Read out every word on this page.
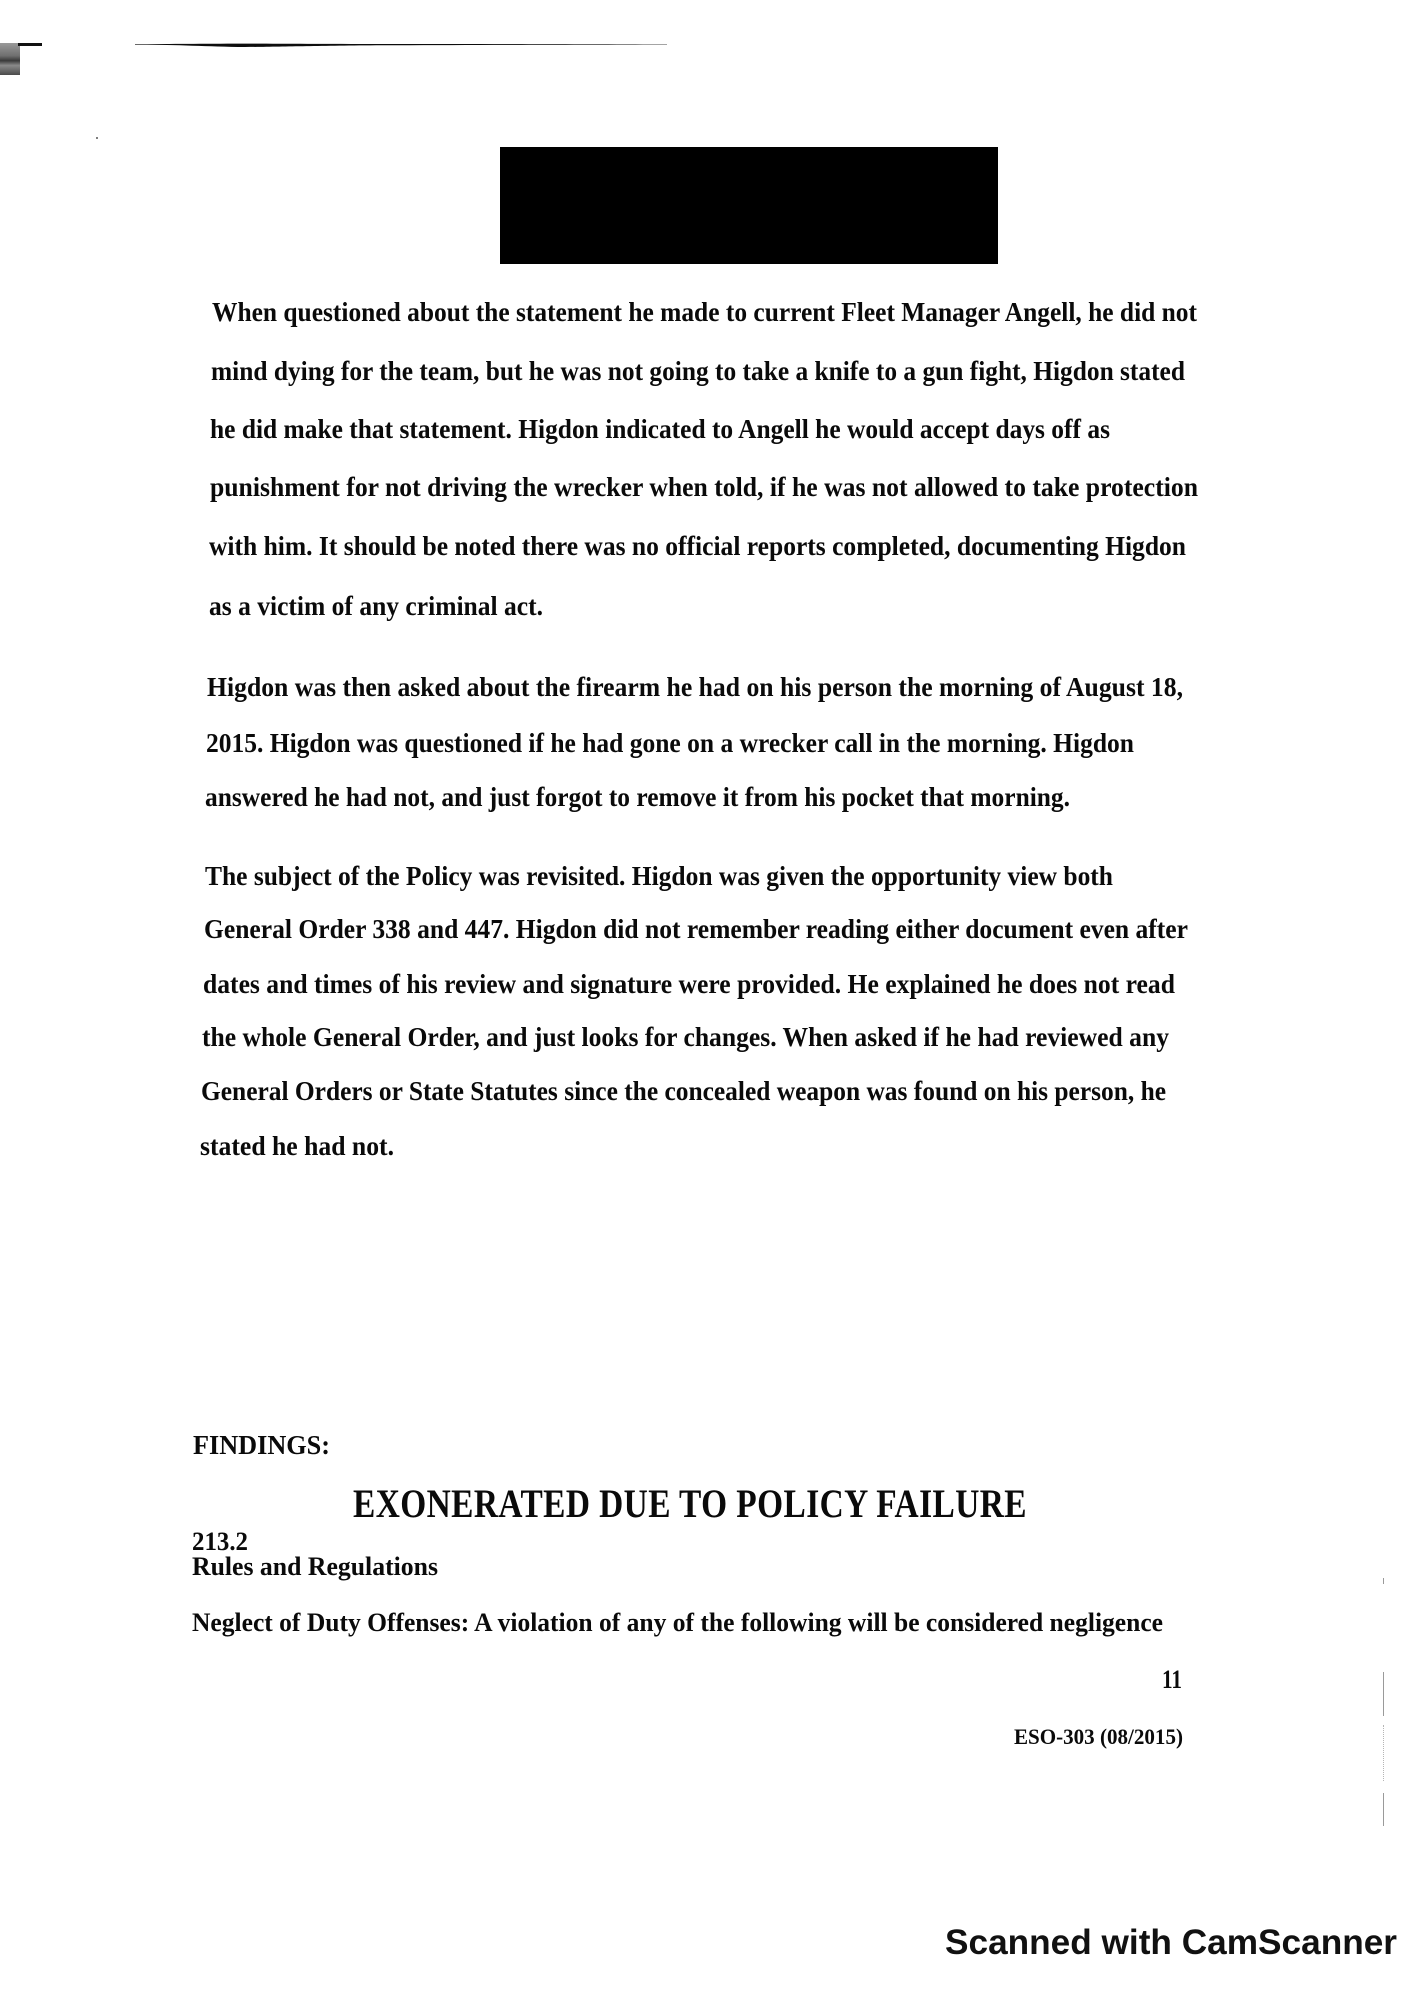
When questioned about the statement he made to current Fleet Manager Angell, he did not
mind dying for the team, but he was not going to take a knife to a gun fight, Higdon stated
he did make that statement. Higdon indicated to Angell he would accept days off as
punishment for not driving the wrecker when told, if he was not allowed to take protection
with him. It should be noted there was no official reports completed, documenting Higdon
as a victim of any criminal act.
Higdon was then asked about the firearm he had on his person the morning of August 18,
2015. Higdon was questioned if he had gone on a wrecker call in the morning. Higdon
answered he had not, and just forgot to remove it from his pocket that morning.
The subject of the Policy was revisited. Higdon was given the opportunity view both
General Order 338 and 447. Higdon did not remember reading either document even after
dates and times of his review and signature were provided. He explained he does not read
the whole General Order, and just looks for changes. When asked if he had reviewed any
General Orders or State Statutes since the concealed weapon was found on his person, he
stated he had not.
FINDINGS:
EXONERATED DUE TO POLICY FAILURE
213.2
Rules and Regulations
Neglect of Duty Offenses: A violation of any of the following will be considered negligence
11
ESO-303 (08/2015)
Scanned with CamScanner
